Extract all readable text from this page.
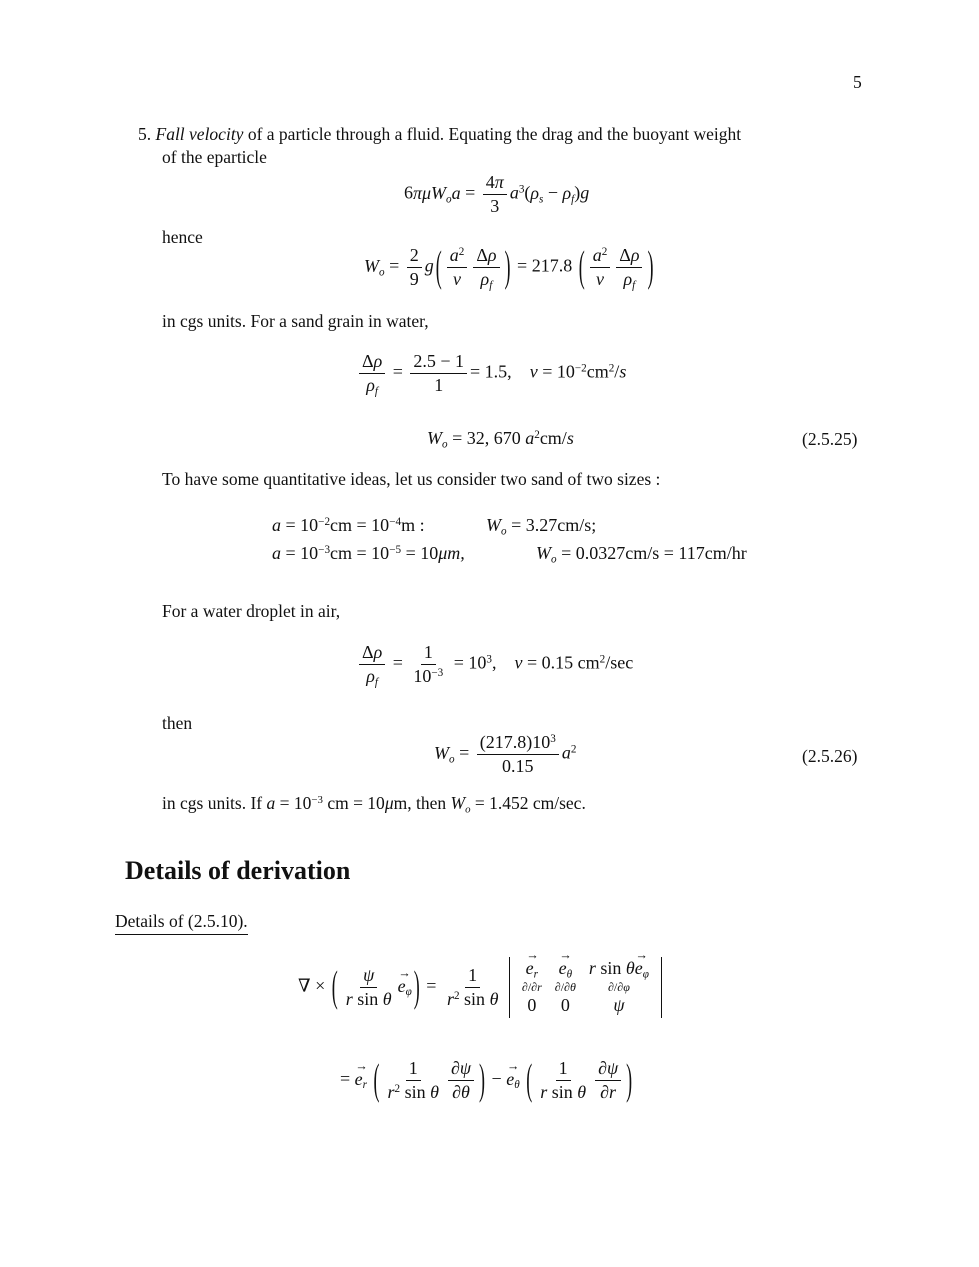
5
5. Fall velocity of a particle through a fluid. Equating the drag and the buoyant weight
of the eparticle
$6\pi\mu W_oa = \frac{4\pi}{3} a^3(\rho_s - \rho_f)g$
hence
$W_o = \frac{2}{9}$ g ( $\frac{a^2}{\nu} \frac{\Delta\rho}{\rho_f}$ ) = 217.8 ( $\frac{a^2}{\nu} \frac{\Delta\rho}{\rho_f}$ )
in cgs units. For a sand grain in water,
$\frac{\Delta\rho}{\rho_f} = \frac{2.5 - 1}{1} = 1.5$, $\nu = 10^{-2}cm^2/s$
$W_o = 32$, 670 $a^2cm/s$	(2.5.25)
To have some quantitative ideas, let us consider two sand of two sizes :
$a = 10^{-2}cm = 10^{-4}m$ :	$W_o = 3.27cm/s$;
$a = 10^{-3}cm = 10^{-5} = 10\mu m$,	$W_o = 0.0327cm/s = 117cm/hr$
For a water droplet in air,
$\frac{\Delta\rho}{\rho_f} = \frac{1}{10^{-3}} = 10^3$,    ν = 0.15 $cm^2/\sec$
then
$W_o = \frac{(217.8)10^3}{0.15} a^2$	(2.5.26)
in cgs units. If $a = 10^{-3}$ cm = 10μm, then $W_o = 1.452$ cm/sec.
Details of derivation
Details of (2.5.10).
∇ × ( $\frac{\psi}{\text{r sin θ}}$
→ $e_\varphi$ ) = $\frac{1}{r^2 \sin \theta}$

→ $e_r$
→ $e_\theta$ r $\sin \theta\to e_\varphi$
∂/∂r ∂/∂θ	∂/∂φ
0	0	ψ
= → $e_r$ ( $\frac{1}{r^2 \sin \theta} \frac{\partial\psi}{\partial\theta}$ ) − → $e_\theta$ ( $\frac{1}{\text{r sin θ}} \frac{\partial\psi}{\partial r}$ )
